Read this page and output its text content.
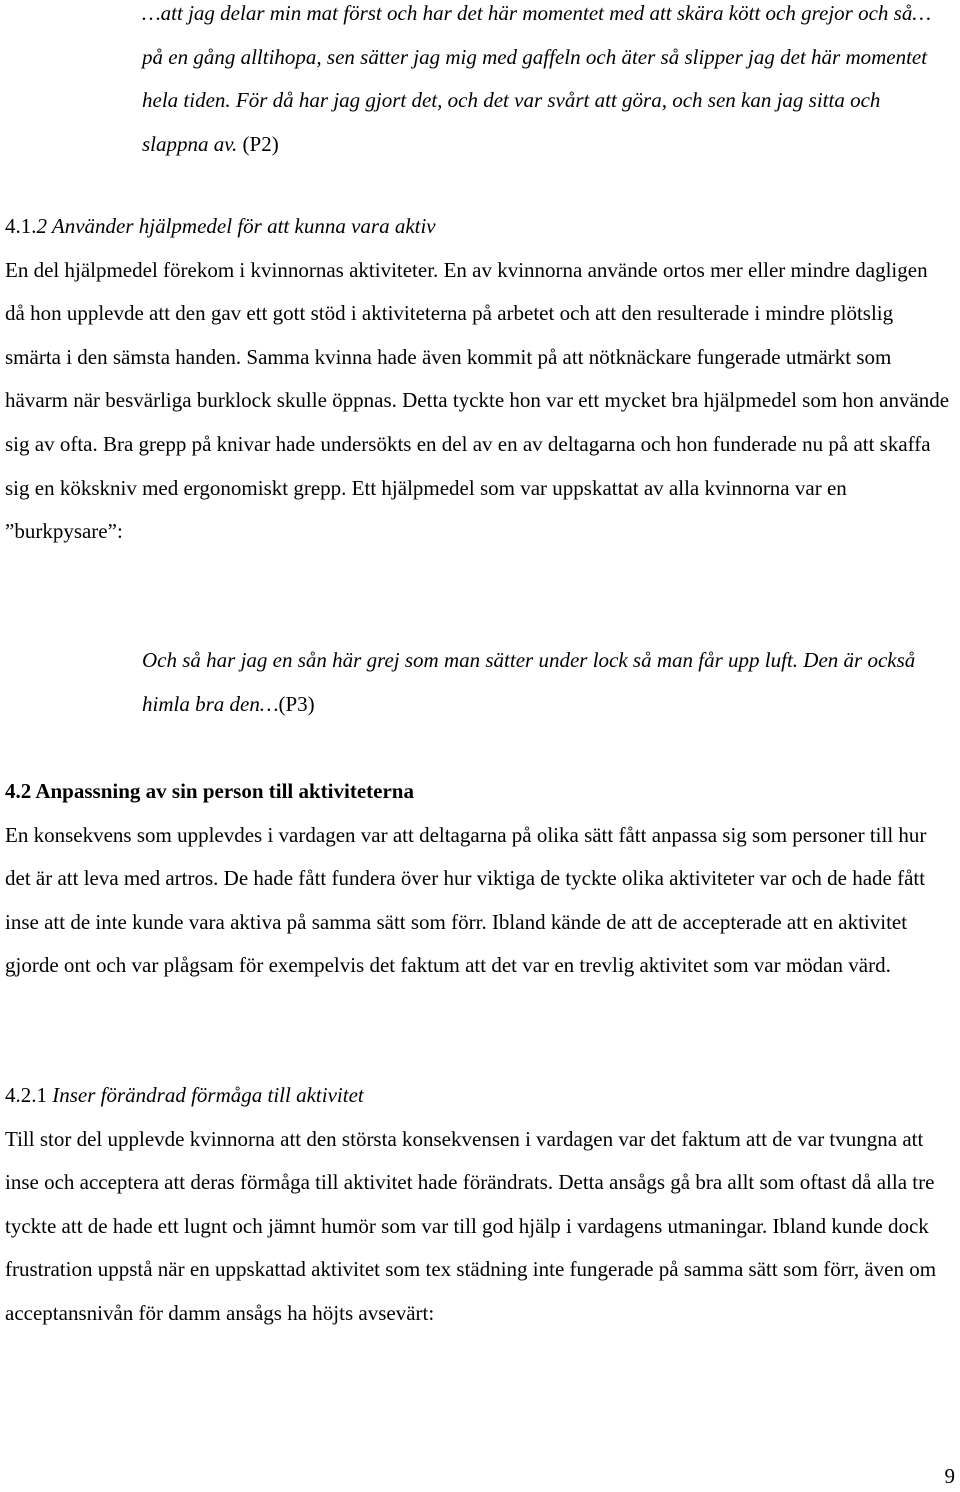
…att jag delar min mat först och har det här momentet med att skära kött och grejor och så…på en gång alltihopa, sen sätter jag mig med gaffeln och äter så slipper jag det här momentet hela tiden. För då har jag gjort det, och det var svårt att göra, och sen kan jag sitta och slappna av. (P2)

4.1.2 Använder hjälpmedel för att kunna vara aktiv

En del hjälpmedel förekom i kvinnornas aktiviteter. En av kvinnorna använde ortos mer eller mindre dagligen då hon upplevde att den gav ett gott stöd i aktiviteterna på arbetet och att den resulterade i mindre plötslig smärta i den sämsta handen. Samma kvinna hade även kommit på att nötknäckare fungerade utmärkt som hävarm när besvärliga burklock skulle öppnas. Detta tyckte hon var ett mycket bra hjälpmedel som hon använde sig av ofta. Bra grepp på knivar hade undersökts en del av en av deltagarna och hon funderade nu på att skaffa sig en kökskniv med ergonomiskt grepp. Ett hjälpmedel som var uppskattat av alla kvinnorna var en ”burkpysare”:

Och så har jag en sån här grej som man sätter under lock så man får upp luft. Den är också himla bra den…(P3)

4.2 Anpassning av sin person till aktiviteterna

En konsekvens som upplevdes i vardagen var att deltagarna på olika sätt fått anpassa sig som personer till hur det är att leva med artros. De hade fått fundera över hur viktiga de tyckte olika aktiviteter var och de hade fått inse att de inte kunde vara aktiva på samma sätt som förr. Ibland kände de att de accepterade att en aktivitet gjorde ont och var plågsam för exempelvis det faktum att det var en trevlig aktivitet som var mödan värd.

4.2.1 Inser förändrad förmåga till aktivitet

Till stor del upplevde kvinnorna att den största konsekvensen i vardagen var det faktum att de var tvungna att inse och acceptera att deras förmåga till aktivitet hade förändrats. Detta ansågs gå bra allt som oftast då alla tre tyckte att de hade ett lugnt och jämnt humör som var till god hjälp i vardagens utmaningar. Ibland kunde dock frustration uppstå när en uppskattad aktivitet som tex städning inte fungerade på samma sätt som förr, även om acceptansnivån för damm ansågs ha höjts avsevärt:

9
